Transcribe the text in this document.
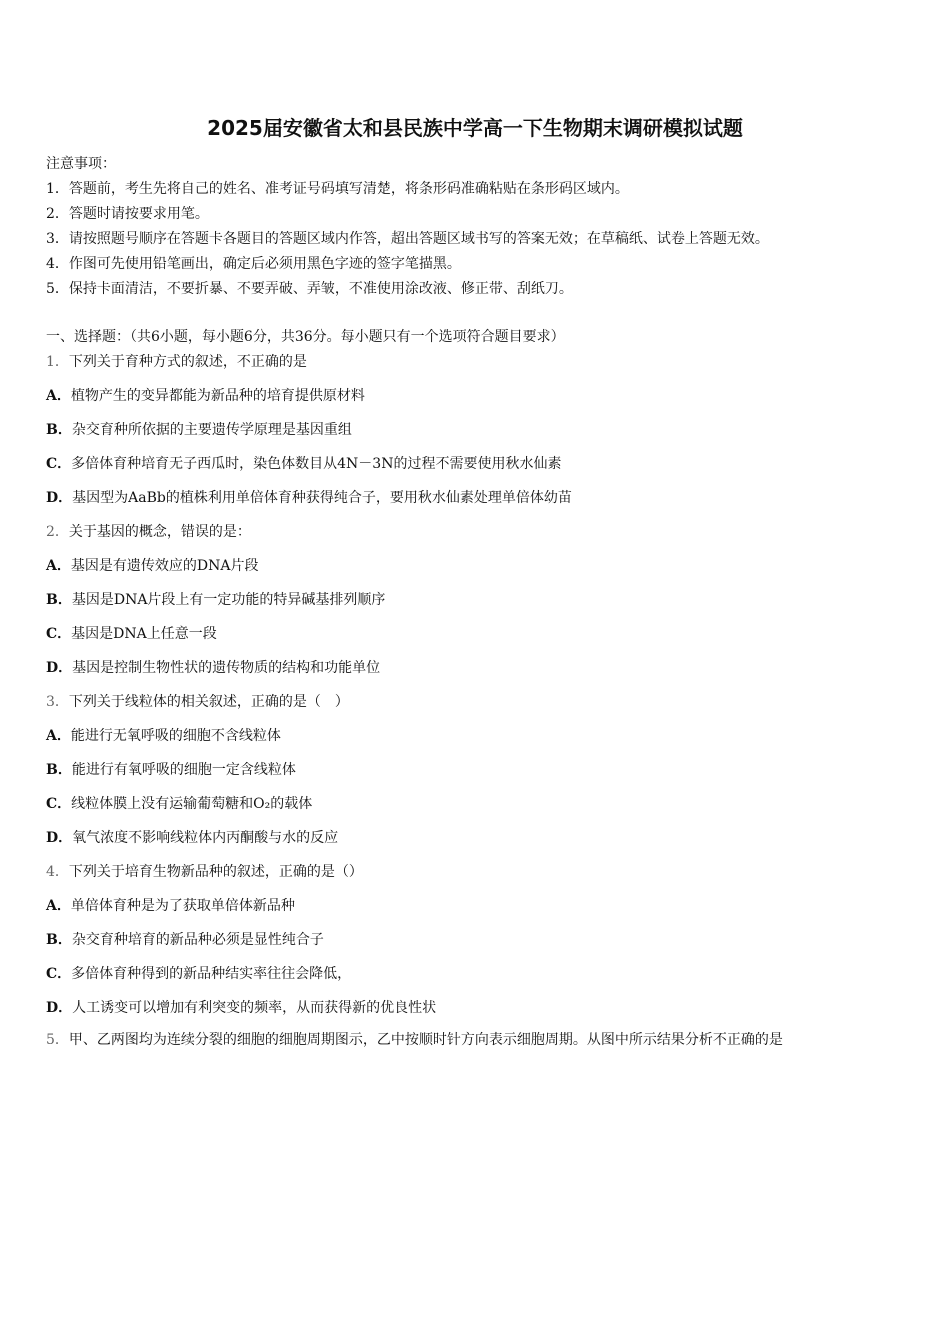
2025届安徽省太和县民族中学高一下生物期末调研模拟试题
注意事项：
1．答题前，考生先将自己的姓名、准考证号码填写清楚，将条形码准确粘贴在条形码区域内。
2．答题时请按要求用笔。
3．请按照题号顺序在答题卡各题目的答题区域内作答，超出答题区域书写的答案无效；在草稿纸、试卷上答题无效。
4．作图可先使用铅笔画出，确定后必须用黑色字迹的签字笔描黑。
5．保持卡面清洁，不要折暴、不要弄破、弄皱，不准使用涂改液、修正带、刮纸刀。
一、选择题：（共6小题，每小题6分，共36分。每小题只有一个选项符合题目要求）
1．下列关于育种方式的叙述，不正确的是
A．植物产生的变异都能为新品种的培育提供原材料
B．杂交育种所依据的主要遗传学原理是基因重组
C．多倍体育种培育无子西瓜时，染色体数目从4N－3N的过程不需要使用秋水仙素
D．基因型为AaBb的植株利用单倍体育种获得纯合子，要用秋水仙素处理单倍体幼苗
2．关于基因的概念，错误的是：
A．基因是有遗传效应的DNA片段
B．基因是DNA片段上有一定功能的特异碱基排列顺序
C．基因是DNA上任意一段
D．基因是控制生物性状的遗传物质的结构和功能单位
3．下列关于线粒体的相关叙述，正确的是（　）
A．能进行无氧呼吸的细胞不含线粒体
B．能进行有氧呼吸的细胞一定含线粒体
C．线粒体膜上没有运输葡萄糖和O₂的载体
D．氧气浓度不影响线粒体内丙酮酸与水的反应
4．下列关于培育生物新品种的叙述，正确的是（）
A．单倍体育种是为了获取单倍体新品种
B．杂交育种培育的新品种必须是显性纯合子
C．多倍体育种得到的新品种结实率往往会降低，
D．人工诱变可以增加有利突变的频率，从而获得新的优良性状
5．甲、乙两图均为连续分裂的细胞的细胞周期图示，乙中按顺时针方向表示细胞周期。从图中所示结果分析不正确的是
